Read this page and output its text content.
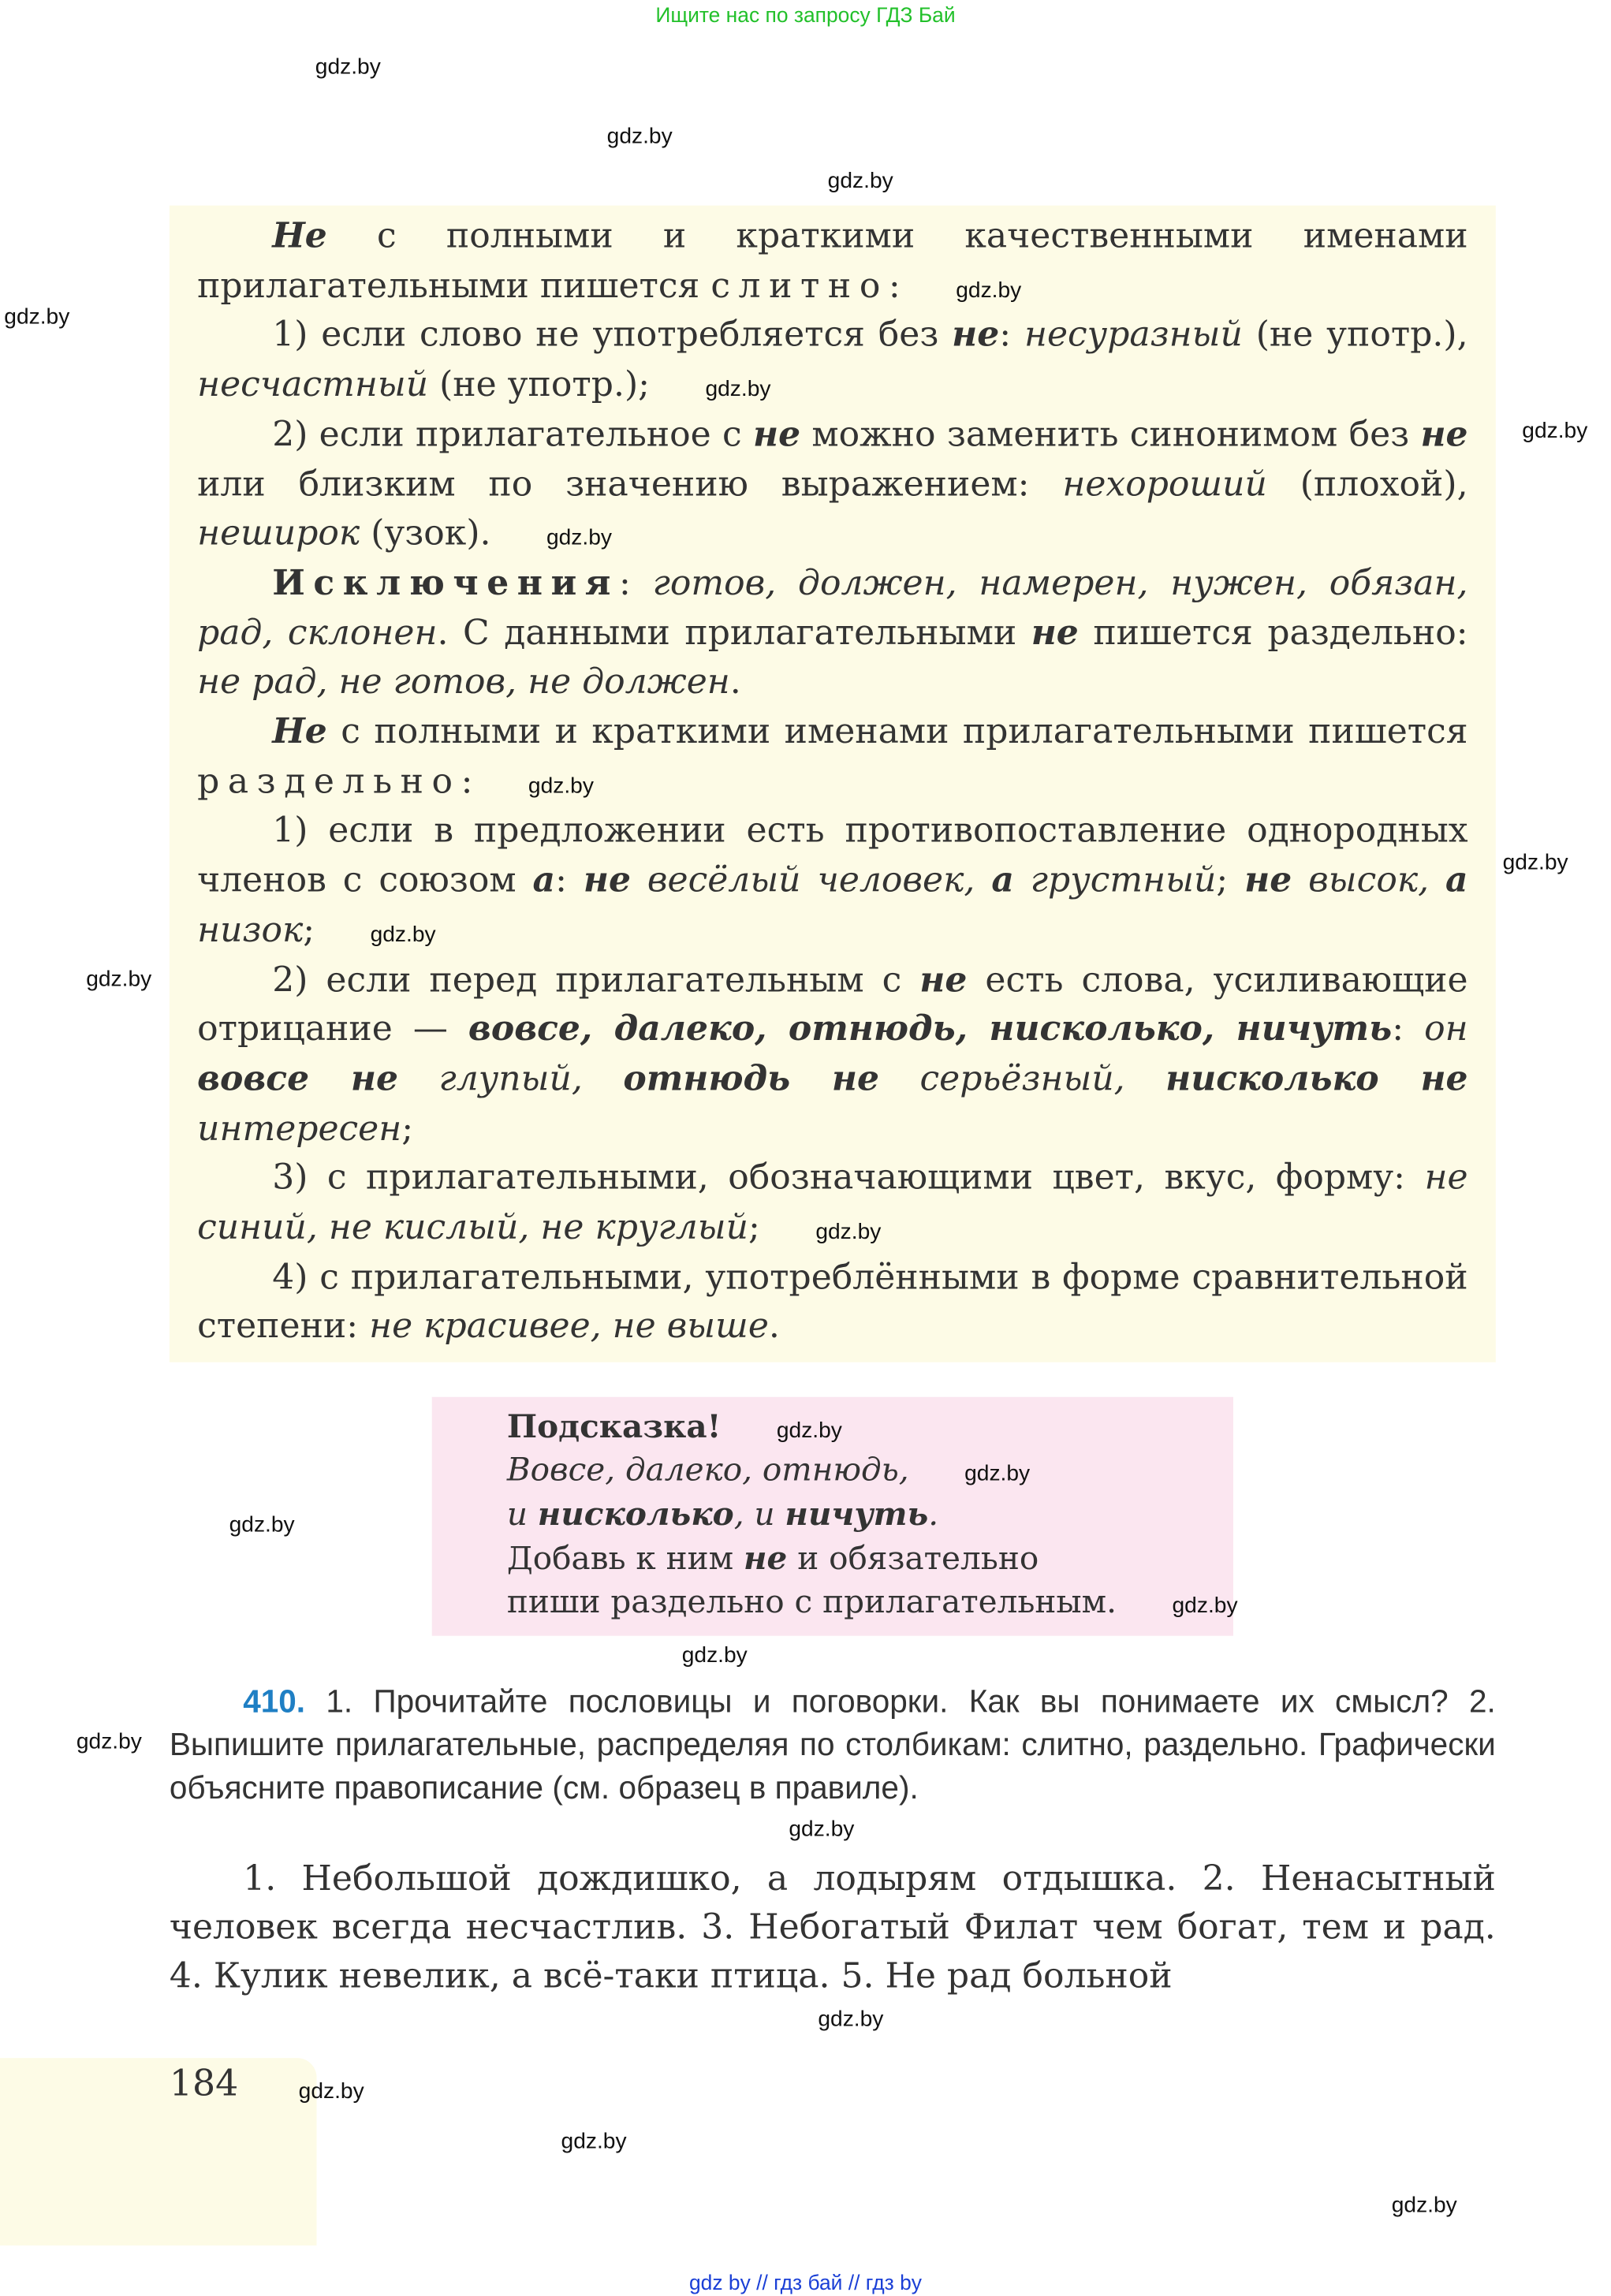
Ищите нас по запросу ГДЗ Бай
gdz.by
gdz.by
gdz.by
gdz.by
gdz.by
gdz.by
gdz.by

Не с полными и краткими качественными именами прилагательными пишется слитно:	gdz.by

1) если слово не употребляется без не: несуразный (не употр.), несчастный (не употр.);	gdz.by

2) если прилагательное с не можно заменить синонимом без не или близким по значению выражением: нехороший (плохой), неширок (узок).	gdz.by

Исключения: готов, должен, намерен, нужен, обязан, рад, склонен. С данными прилагательными не пишется раздельно: не рад, не готов, не должен.

Не с полными и краткими именами прилагательными пишется раздельно:	gdz.by

1) если в предложении есть противопоставление однородных членов с союзом а: не весёлый человек, а грустный; не высок, а низок;	gdz.by

2) если перед прилагательным с не есть слова, усиливающие отрицание — вовсе, далеко, отнюдь, нисколько, ничуть: он вовсе не глупый, отнюдь не серьёзный, нисколько не интересен;

3) с прилагательными, обозначающими цвет, вкус, форму: не синий, не кислый, не круглый;	gdz.by

4) с прилагательными, употреблёнными в форме сравнительной степени: не красивее, не выше.

gdz.by
Подсказка!	gdz.by
Вовсе, далеко, отнюдь,	gdz.by
и нисколько, и ничуть.
Добавь к ним не и обязательно
пиши раздельно с прилагательным.	gdz.by
gdz.by
gdz.by
410. 1. Прочитайте пословицы и поговорки. Как вы понимаете их смысл? 2. Выпишите прилагательные, распределяя по столбикам: слитно, раздельно. Графически объясните правописание (см. образец в правиле).
gdz.by
1. Небольшой дождишко, а лодырям отдышка. 2. Ненасытный человек всегда несчастлив. 3. Небогатый Филат чем богат, тем и рад. 4. Кулик невелик, а всё-таки птица. 5. Не рад больной
gdz.by
184	gdz.by
gdz.by
gdz.by
gdz by // гдз бай // гдз by
